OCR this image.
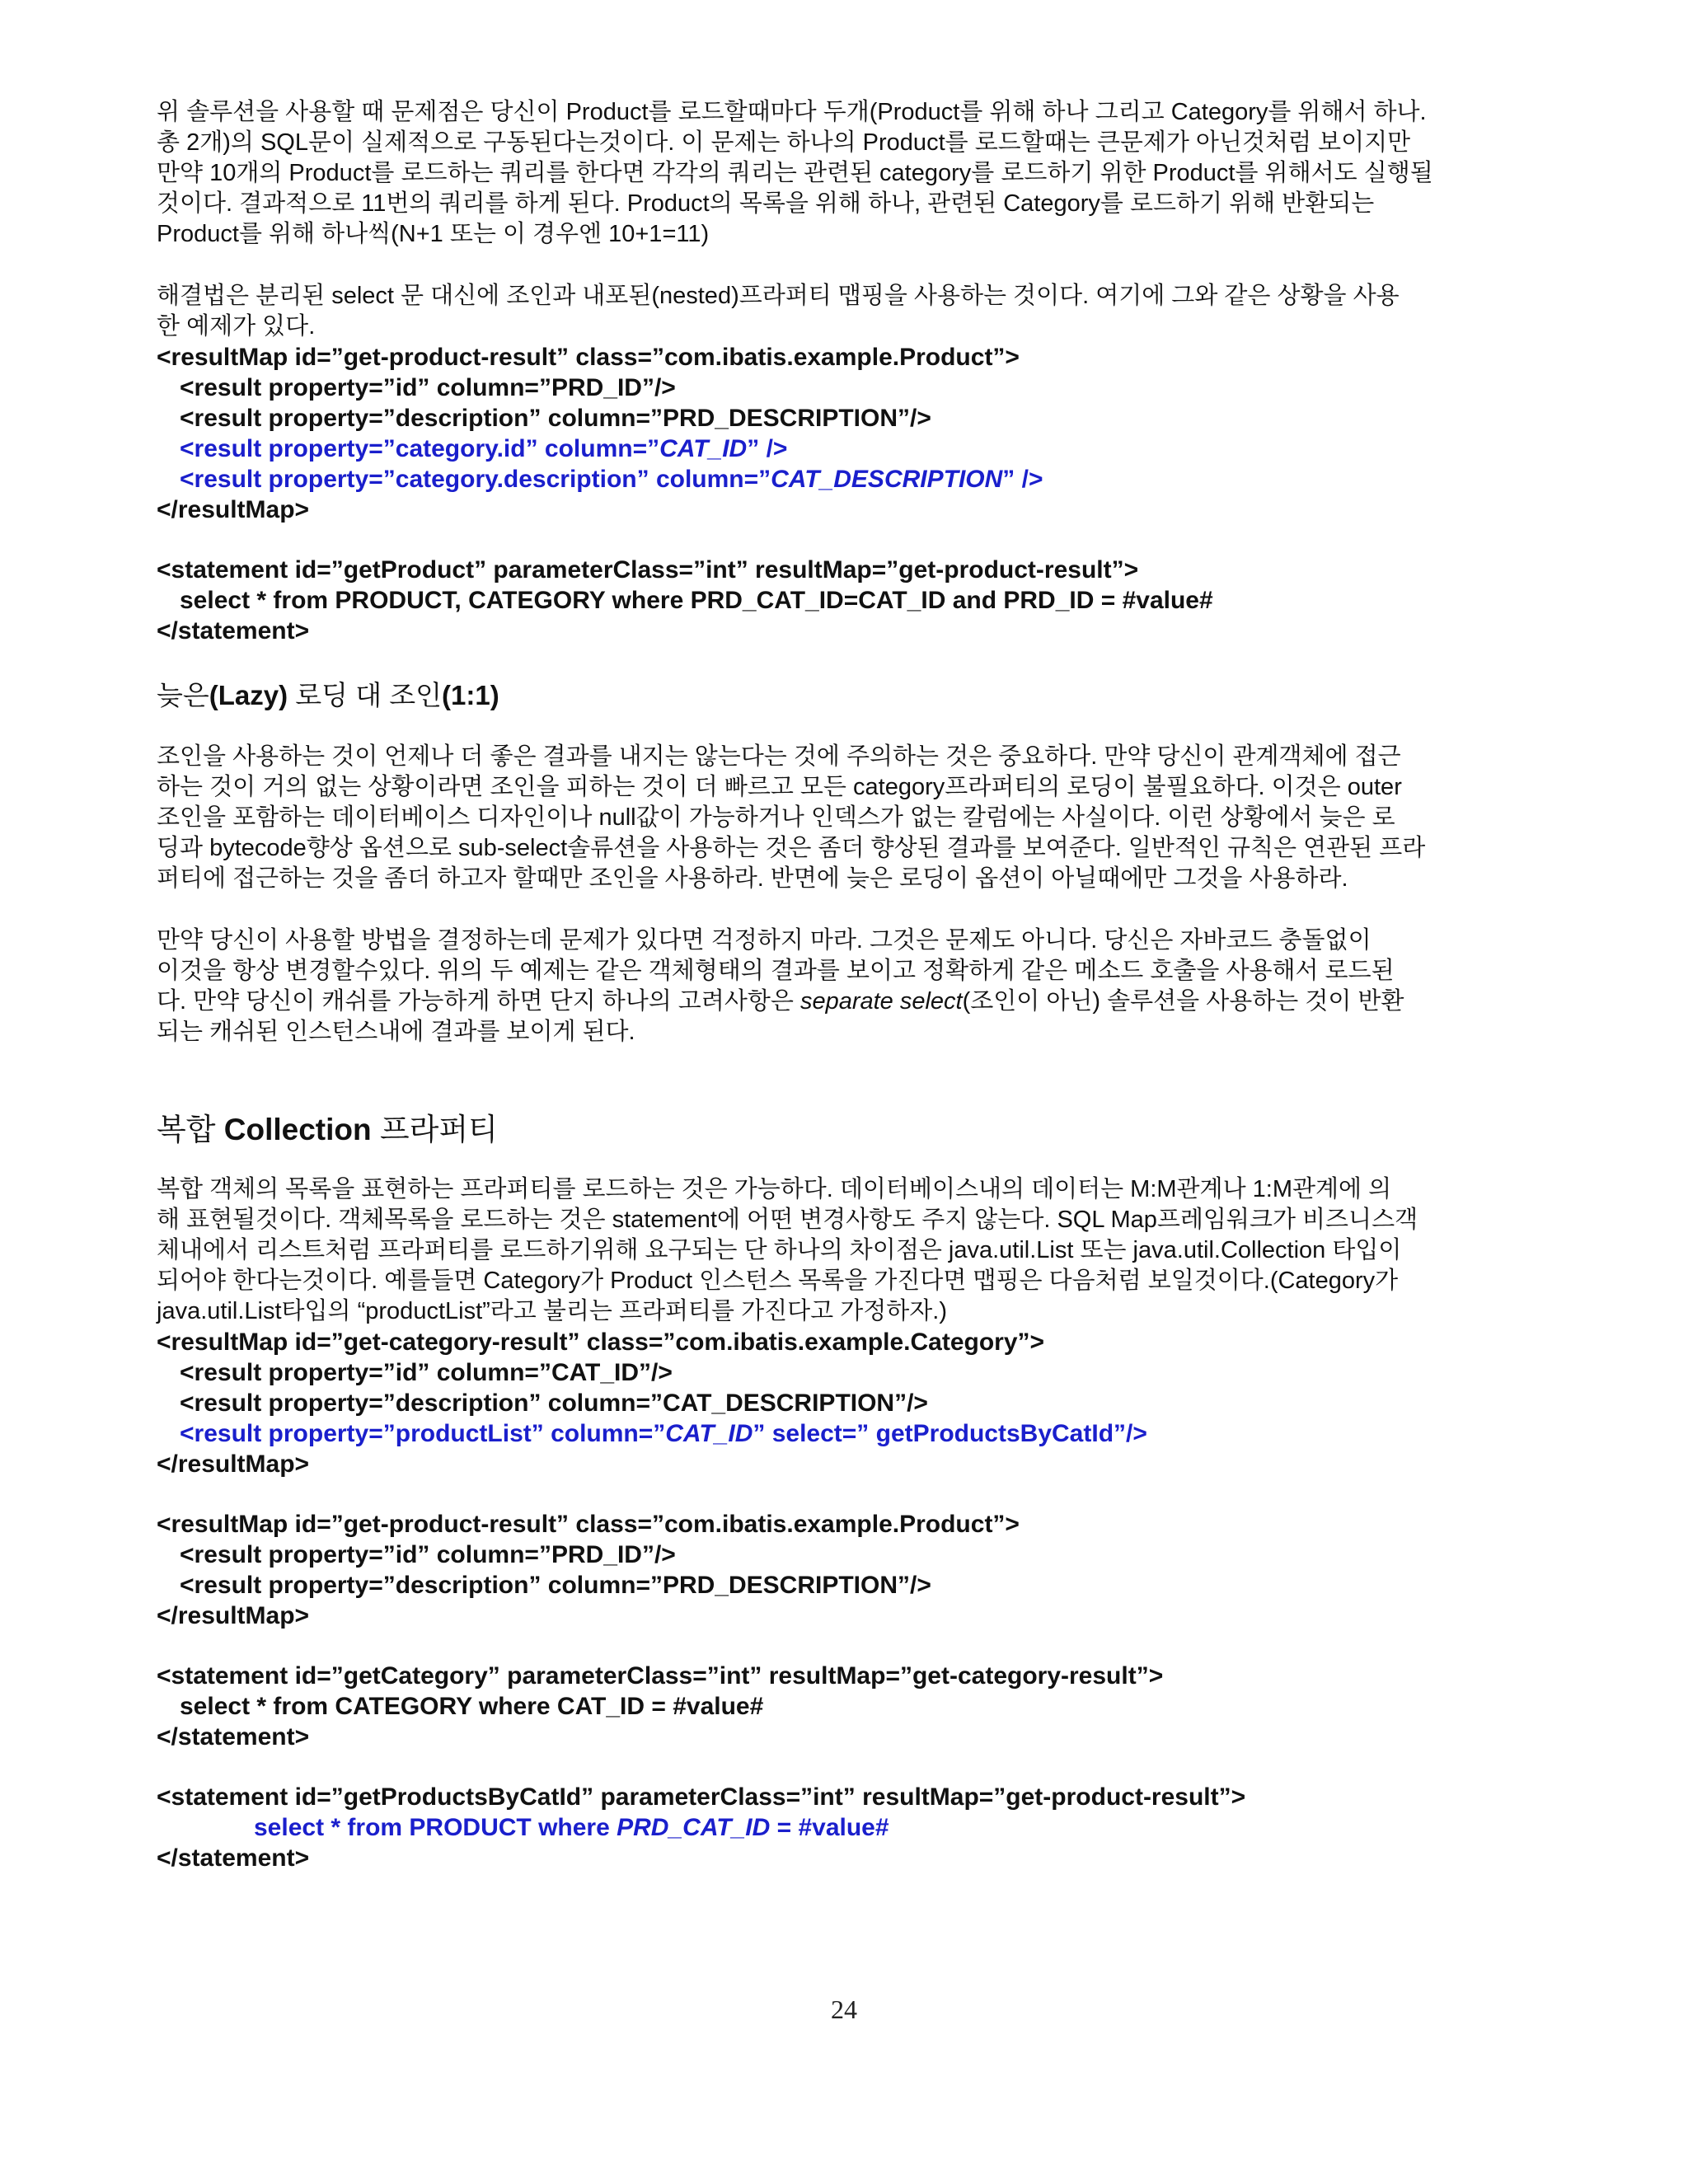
위 솔루션을 사용할 때 문제점은 당신이 Product를 로드할때마다 두개(Product를 위해 하나 그리고 Category를 위해서 하나.
총 2개)의 SQL문이 실제적으로 구동된다는것이다. 이 문제는 하나의 Product를 로드할때는 큰문제가 아닌것처럼 보이지만
만약 10개의 Product를 로드하는 쿼리를 한다면 각각의 쿼리는 관련된 category를 로드하기 위한 Product를 위해서도 실행될
것이다. 결과적으로 11번의 쿼리를 하게 된다. Product의 목록을 위해 하나, 관련된 Category를 로드하기 위해 반환되는
Product를 위해 하나씩(N+1 또는 이 경우엔 10+1=11)

해결법은 분리된 select 문 대신에 조인과 내포된(nested)프라퍼티 맵핑을 사용하는 것이다. 여기에 그와 같은 상황을 사용
한 예제가 있다.

<resultMap id=”get-product-result” class=”com.ibatis.example.Product”>
<result property=”id” column=”PRD_ID”/>
<result property=”description” column=”PRD_DESCRIPTION”/>
<result property=”category.id” column=”CAT_ID” />
<result property=”category.description” column=”CAT_DESCRIPTION” />
</resultMap>
<statement id=”getProduct” parameterClass=”int” resultMap=”get-product-result”>
select * from PRODUCT, CATEGORY where PRD_CAT_ID=CAT_ID and PRD_ID = #value#
</statement>
늦은(Lazy) 로딩 대 조인(1:1)

조인을 사용하는 것이 언제나 더 좋은 결과를 내지는 않는다는 것에 주의하는 것은 중요하다. 만약 당신이 관계객체에 접근
하는 것이 거의 없는 상황이라면 조인을 피하는 것이 더 빠르고 모든 category프라퍼티의 로딩이 불필요하다. 이것은 outer
조인을 포함하는 데이터베이스 디자인이나 null값이 가능하거나 인덱스가 없는 칼럼에는 사실이다. 이런 상황에서 늦은 로
딩과 bytecode향상 옵션으로 sub-select솔류션을 사용하는 것은 좀더 향상된 결과를 보여준다. 일반적인 규칙은 연관된 프라
퍼티에 접근하는 것을 좀더 하고자 할때만 조인을 사용하라. 반면에 늦은 로딩이 옵션이 아닐때에만 그것을 사용하라.

만약 당신이 사용할 방법을 결정하는데 문제가 있다면 걱정하지 마라. 그것은 문제도 아니다. 당신은 자바코드 충돌없이
이것을 항상 변경할수있다. 위의 두 예제는 같은 객체형태의 결과를 보이고 정확하게 같은 메소드 호출을 사용해서 로드된
다. 만약 당신이 캐쉬를 가능하게 하면 단지 하나의 고려사항은 separate select(조인이 아닌) 솔루션을 사용하는 것이 반환
되는 캐쉬된 인스턴스내에 결과를 보이게 된다.

복합 Collection 프라퍼티

복합 객체의 목록을 표현하는 프라퍼티를 로드하는 것은 가능하다. 데이터베이스내의 데이터는 M:M관계나 1:M관계에 의
해 표현될것이다. 객체목록을 로드하는 것은 statement에 어떤 변경사항도 주지 않는다. SQL Map프레임워크가 비즈니스객
체내에서 리스트처럼 프라퍼티를 로드하기위해 요구되는 단 하나의 차이점은 java.util.List 또는 java.util.Collection 타입이
되어야 한다는것이다. 예를들면 Category가 Product 인스턴스 목록을 가진다면 맵핑은 다음처럼 보일것이다.(Category가
java.util.List타입의 “productList”라고 불리는 프라퍼티를 가진다고 가정하자.)

<resultMap id=”get-category-result” class=”com.ibatis.example.Category”>
<result property=”id” column=”CAT_ID”/>
<result property=”description” column=”CAT_DESCRIPTION”/>
<result property=”productList” column=”CAT_ID” select=” getProductsByCatId”/>
</resultMap>
<resultMap id=”get-product-result” class=”com.ibatis.example.Product”>
<result property=”id” column=”PRD_ID”/>
<result property=”description” column=”PRD_DESCRIPTION”/>
</resultMap>
<statement id=”getCategory” parameterClass=”int” resultMap=”get-category-result”>
select * from CATEGORY where CAT_ID = #value#
</statement>
<statement id=”getProductsByCatId” parameterClass=”int” resultMap=”get-product-result”>
select * from PRODUCT where PRD_CAT_ID = #value#
</statement>
24
